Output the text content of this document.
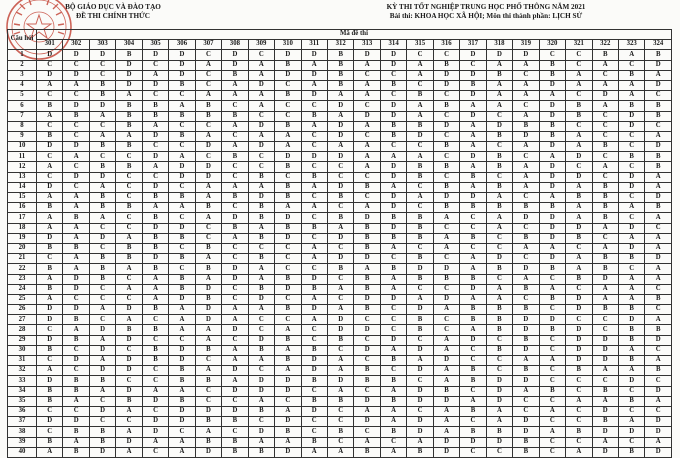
BỘ GIÁO DỤC VÀ ĐÀO TẠO
ĐỀ THI CHÍNH THỨC
KỲ THI TỐT NGHIỆP TRUNG HỌC PHỔ THÔNG NĂM 2021
Bài thi: KHOA HỌC XÃ HỘI; Môn thi thành phần: LỊCH SỬ
Câu hỏi	Mã đề thi																							
	301	302	303	304	305	306	307	308	309	310	311	312	313	314	315	316	317	318	319	320	321	322	323	324
1	D	D	D	B	D	D	C	D	C	D	D	B	D	D	C	C	D	D	D	C	C	B	A	B
2	C	C	C	D	C	D	A	D	A	B	A	B	A	D	A	B	C	A	A	B	C	A	C	D
3	D	D	C	D	A	D	C	B	A	D	D	B	C	C	A	D	D	B	C	B	A	C	B	A
4	A	A	B	D	D	B	C	A	D	C	A	B	A	B	C	D	B	A	A	D	A	A	A	D
5	C	C	B	A	C	C	A	A	A	B	D	A	A	C	B	C	D	A	A	A	C	D	A	C
6	B	D	D	B	B	A	B	C	A	C	C	D	C	D	A	B	A	A	C	D	B	A	B	B
7	A	B	A	B	B	B	B	B	C	C	B	A	D	D	A	C	D	C	A	D	B	C	D	B
8	C	C	C	B	A	C	C	A	D	B	A	D	A	B	B	D	A	D	B	B	C	C	D	C
9	B	C	A	A	D	B	A	C	A	A	C	D	C	B	D	C	A	B	D	B	A	C	C	A
10	D	D	B	B	C	C	D	A	D	A	C	A	A	C	C	B	A	C	A	D	A	B	C	D
11	C	A	C	C	D	A	C	B	C	D	D	D	A	A	A	C	D	B	C	A	D	C	B	B
12	A	C	B	B	A	D	D	C	C	B	C	C	A	D	B	B	A	B	A	D	C	A	C	B
13	C	D	D	C	C	D	D	C	B	C	B	C	C	D	B	C	B	C	A	D	D	C	D	A
14	D	C	A	C	D	C	A	A	A	B	A	D	B	A	C	B	A	B	A	D	A	B	D	A
15	A	A	B	C	B	B	A	B	D	B	C	B	C	D	A	D	D	A	C	A	B	B	C	D
16	B	A	B	B	A	A	B	C	B	A	A	C	A	D	C	B	B	B	B	B	A	B	A	B
17	A	B	A	C	B	C	A	D	B	D	C	B	D	B	B	A	C	A	D	D	A	B	C	A
18	A	A	C	C	D	D	C	B	A	B	B	A	B	D	B	C	C	A	C	D	D	A	D	C
19	D	A	D	A	B	B	C	A	B	D	C	D	B	B	B	A	B	C	B	D	B	C	A	A
20	B	B	C	B	B	C	B	C	C	C	A	C	B	A	C	A	C	C	A	A	C	A	D	A
21	C	A	B	B	D	B	A	C	B	C	A	D	D	C	B	C	A	D	C	D	A	B	B	D
22	B	A	B	A	B	C	B	D	A	C	C	B	A	B	D	D	A	B	D	B	A	B	C	A
23	A	D	B	C	A	B	A	D	A	B	D	C	B	A	B	B	B	C	A	C	B	D	A	A
24	B	D	C	A	A	B	D	C	B	D	B	A	B	A	C	C	D	A	B	A	C	A	A	C
25	A	C	C	C	A	D	B	C	D	C	A	C	D	D	A	D	A	A	C	B	D	A	A	B
26	D	D	A	D	B	A	D	A	A	B	D	A	B	C	D	A	B	B	B	C	D	B	B	C
27	D	B	C	A	C	A	D	A	C	C	A	D	C	C	B	C	B	B	D	D	C	C	D	A
28	C	A	D	B	B	A	A	D	C	A	C	D	D	C	B	C	A	B	D	B	D	C	B	B
29	D	B	A	D	C	C	A	C	D	B	C	B	C	D	C	A	D	C	B	C	D	D	B	D
30	B	C	D	C	B	D	B	A	B	A	B	C	D	A	D	A	C	B	D	C	D	D	A	C
31	C	D	A	D	B	D	C	A	A	B	D	A	C	B	A	D	C	C	A	A	D	D	B	A
32	A	C	D	D	C	B	A	D	C	A	D	A	B	C	D	A	B	C	B	C	B	A	A	B
33	D	B	B	C	C	B	B	A	D	D	B	D	B	B	C	A	B	D	D	C	C	C	D	C
34	B	B	A	D	A	A	C	D	D	D	C	A	C	A	D	B	C	D	A	B	C	B	C	D
35	B	A	C	B	D	B	C	C	A	C	B	B	D	B	D	D	A	D	C	C	A	A	B	A
36	C	C	D	A	C	D	D	D	B	A	D	C	A	A	C	A	B	A	C	A	C	D	C	C
37	D	D	C	C	D	D	B	B	C	D	C	C	D	A	D	A	C	A	D	C	C	B	A	D
38	C	B	B	A	D	C	A	C	D	B	C	B	C	B	D	A	B	B	D	A	B	D	D	D
39	B	A	B	D	A	A	B	B	A	A	B	C	A	C	A	D	D	D	B	C	C	A	C	A
40	A	B	D	A	C	A	D	B	B	D	A	A	B	A	B	D	C	C	B	C	A	D	B	D
